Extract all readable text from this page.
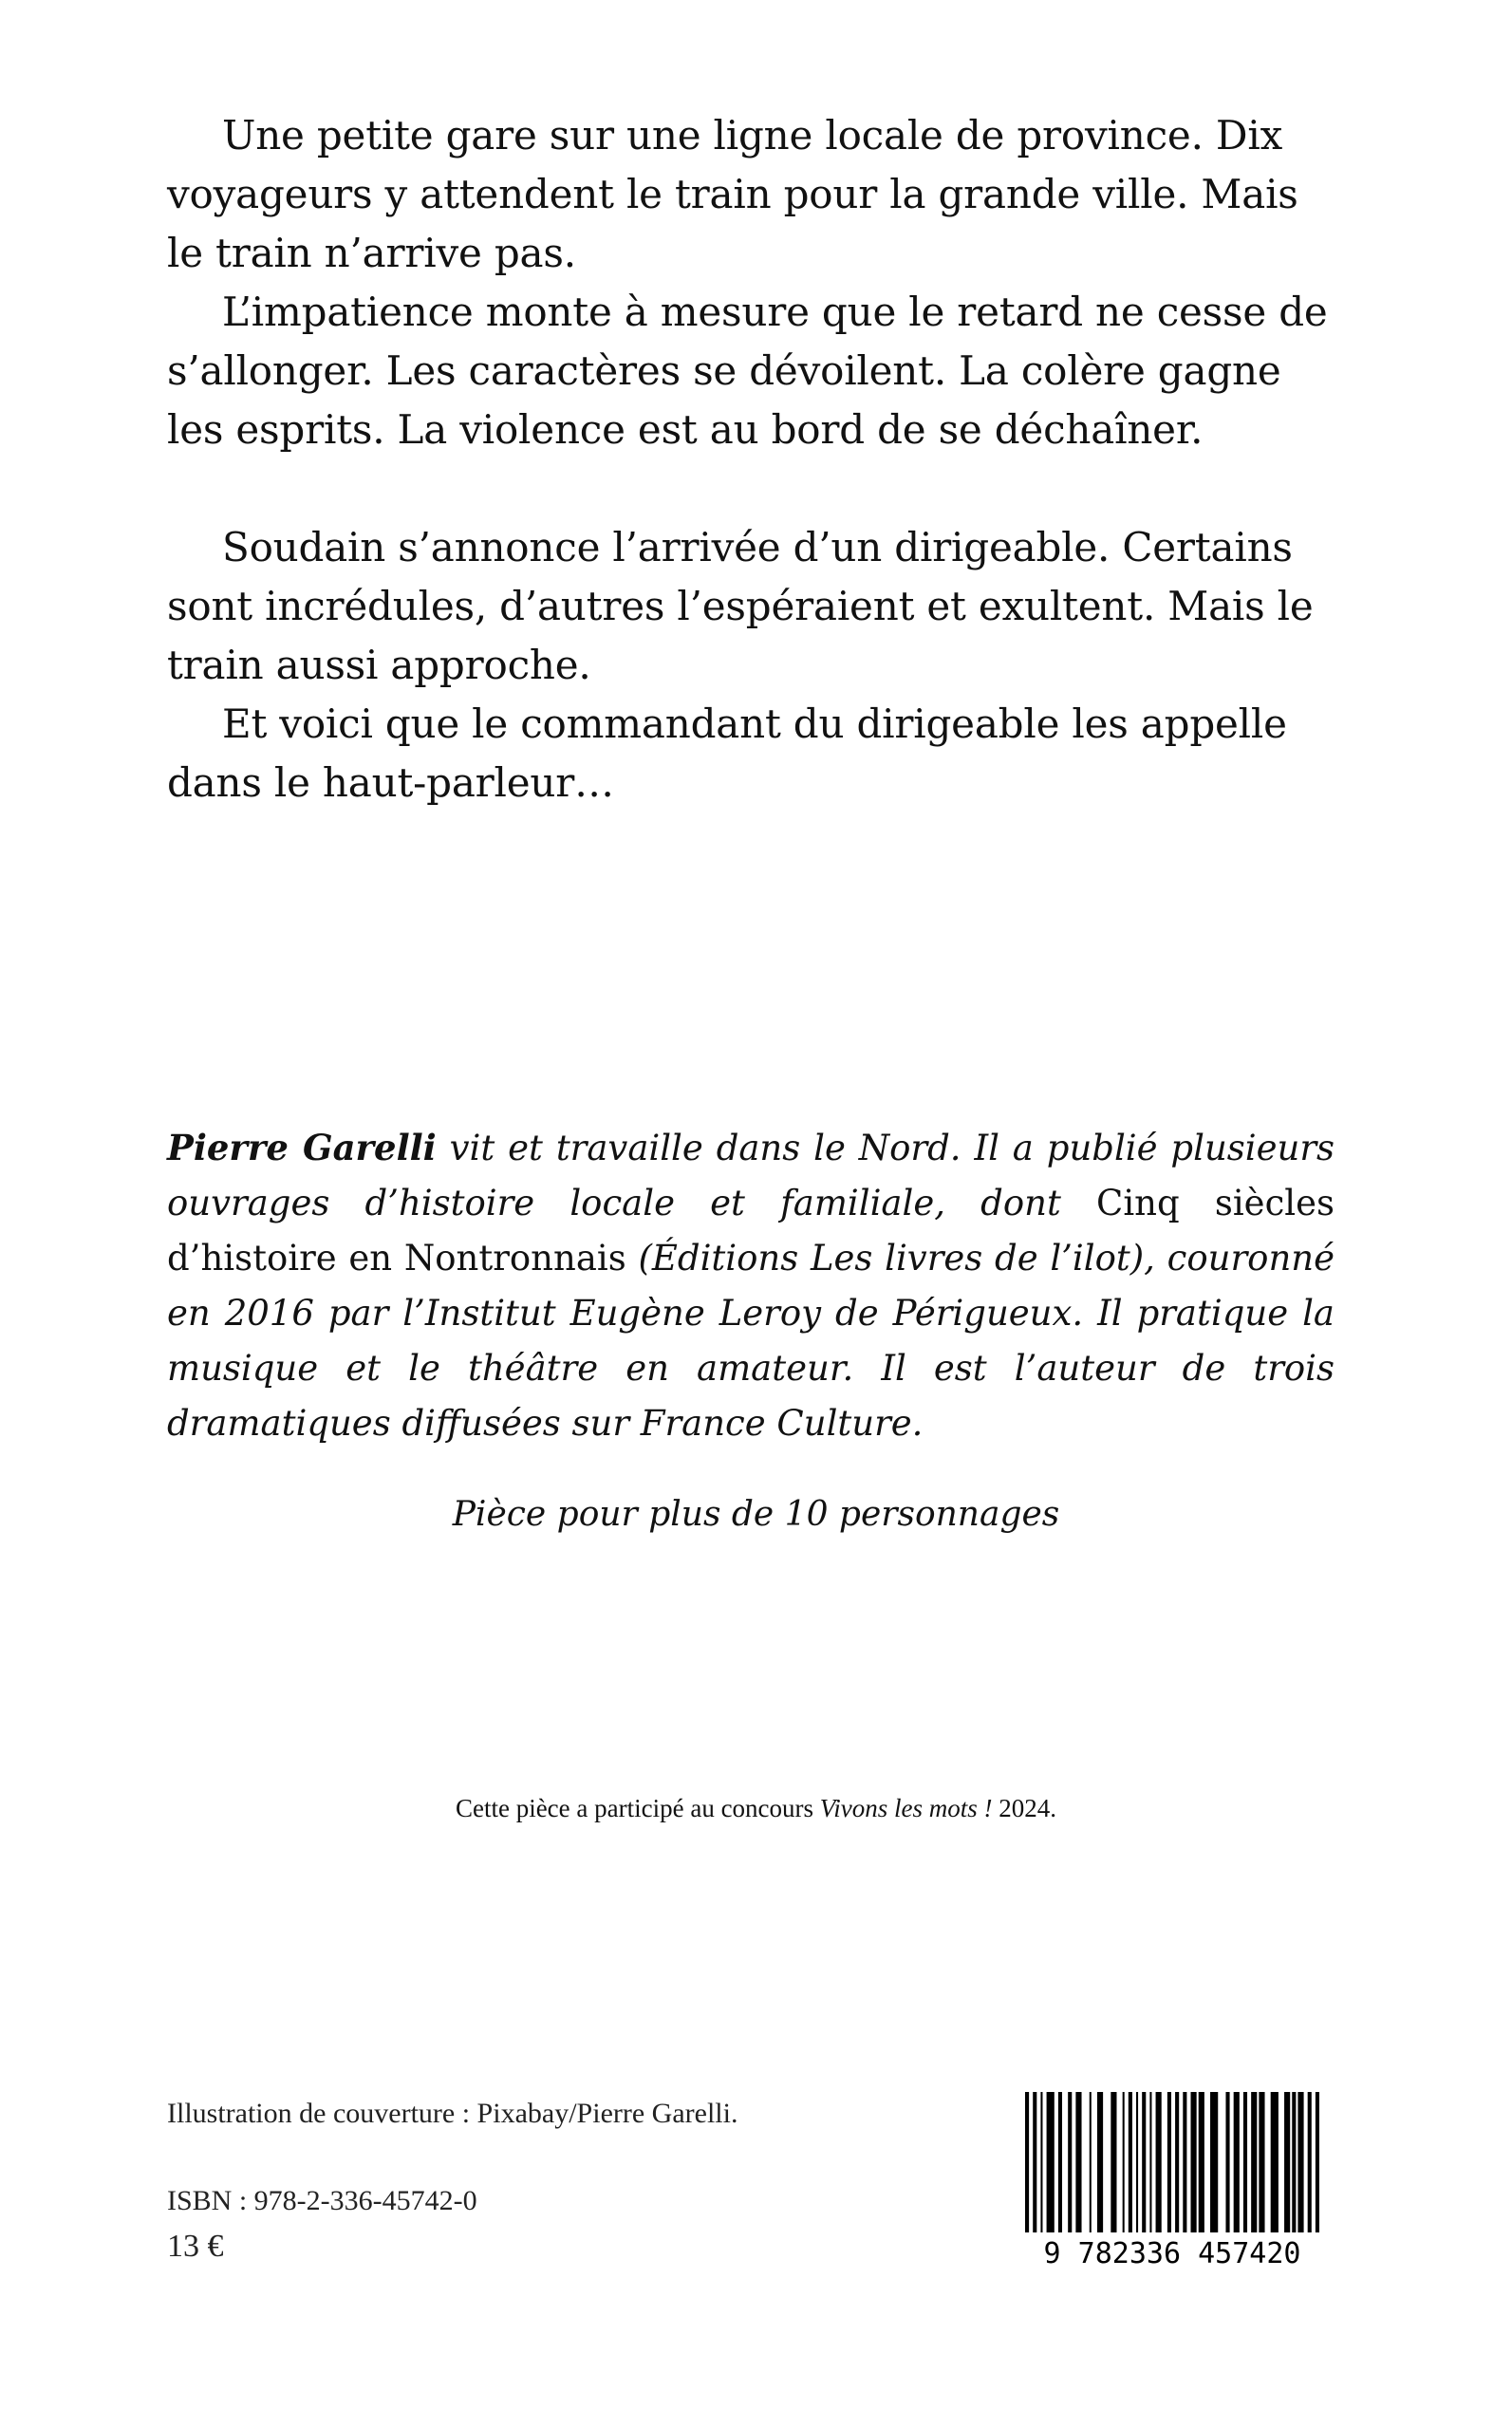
Une petite gare sur une ligne locale de province. Dix voyageurs y attendent le train pour la grande ville. Mais le train n’arrive pas.

L’impatience monte à mesure que le retard ne cesse de s’allonger. Les caractères se dévoilent. La colère gagne les esprits. La violence est au bord de se déchaîner.

Soudain s’annonce l’arrivée d’un dirigeable. Certains sont incrédules, d’autres l’espéraient et exultent. Mais le train aussi approche.

Et voici que le commandant du dirigeable les appelle dans le haut-parleur…

Pierre Garelli vit et travaille dans le Nord. Il a publié plusieurs ouvrages d’histoire locale et familiale, dont Cinq siècles d’histoire en Nontronnais (Éditions Les livres de l’ilot), couronné en 2016 par l’Institut Eugène Leroy de Périgueux. Il pratique la musique et le théâtre en amateur. Il est l’auteur de trois dramatiques diffusées sur France Culture.
Pièce pour plus de 10 personnages
Cette pièce a participé au concours Vivons les mots ! 2024.
Illustration de couverture : Pixabay/Pierre Garelli.
ISBN : 978-2-336-45742-0
13 €	9 782336 457420
